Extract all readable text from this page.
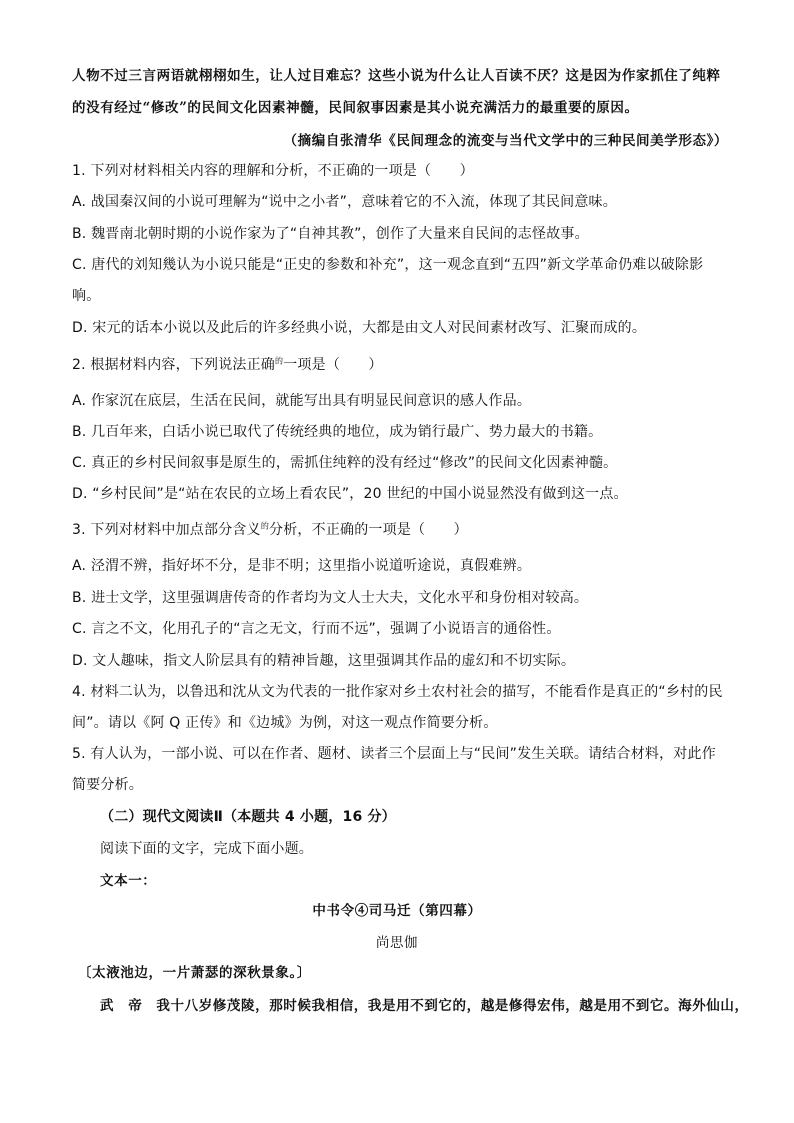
人物不过三言两语就栩栩如生，让人过目难忘？这些小说为什么让人百读不厌？这是因为作家抓住了纯粹
的没有经过“修改”的民间文化因素神髓，民间叙事因素是其小说充满活力的最重要的原因。
（摘编自张清华《民间理念的流变与当代文学中的三种民间美学形态》）
1. 下列对材料相关内容的理解和分析，不正确的一项是（　　）
A. 战国秦汉间的小说可理解为“说中之小者”，意味着它的不入流，体现了其民间意味。
B. 魏晋南北朝时期的小说作家为了“自神其教”，创作了大量来自民间的志怪故事。
C. 唐代的刘知幾认为小说只能是“正史的参数和补充”，这一观念直到“五四”新文学革命仍难以破除影
响。
D. 宋元的话本小说以及此后的许多经典小说，大都是由文人对民间素材改写、汇聚而成的。
2. 根据材料内容，下列说法正确$^的$一项是（　　）
A. 作家沉在底层，生活在民间，就能写出具有明显民间意识的感人作品。
B. 几百年来，白话小说已取代了传统经典的地位，成为销行最广、势力最大的书籍。
C. 真正的乡村民间叙事是原生的，需抓住纯粹的没有经过“修改”的民间文化因素神髓。
D. “乡村民间”是“站在农民的立场上看农民”，20 世纪的中国小说显然没有做到这一点。
3. 下列对材料中加点部分含义$^的$分析，不正确的一项是（　　）
A. 泾渭不辨，指好坏不分，是非不明；这里指小说道听途说，真假难辨。
B. 进士文学，这里强调唐传奇的作者均为文人士大夫，文化水平和身份相对较高。
C. 言之不文，化用孔子的“言之无文，行而不远”，强调了小说语言的通俗性。
D. 文人趣味，指文人阶层具有的精神旨趣，这里强调其作品的虚幻和不切实际。
4. 材料二认为，以鲁迅和沈从文为代表的一批作家对乡土农村社会的描写，不能看作是真正的“乡村的民
间”。请以《阿 Q 正传》和《边城》为例，对这一观点作简要分析。
5. 有人认为，一部小说、可以在作者、题材、读者三个层面上与“民间”发生关联。请结合材料，对此作
简要分析。
（二）现代文阅读Ⅱ（本题共 4 小题，16 分）
阅读下面的文字，完成下面小题。
文本一：
中书令④司马迁（第四幕）
尚思伽
〔太液池边，一片萧瑟的深秋景象。〕
武　帝　我十八岁修茂陵，那时候我相信，我是用不到它的，越是修得宏伟，越是用不到它。海外仙山，
